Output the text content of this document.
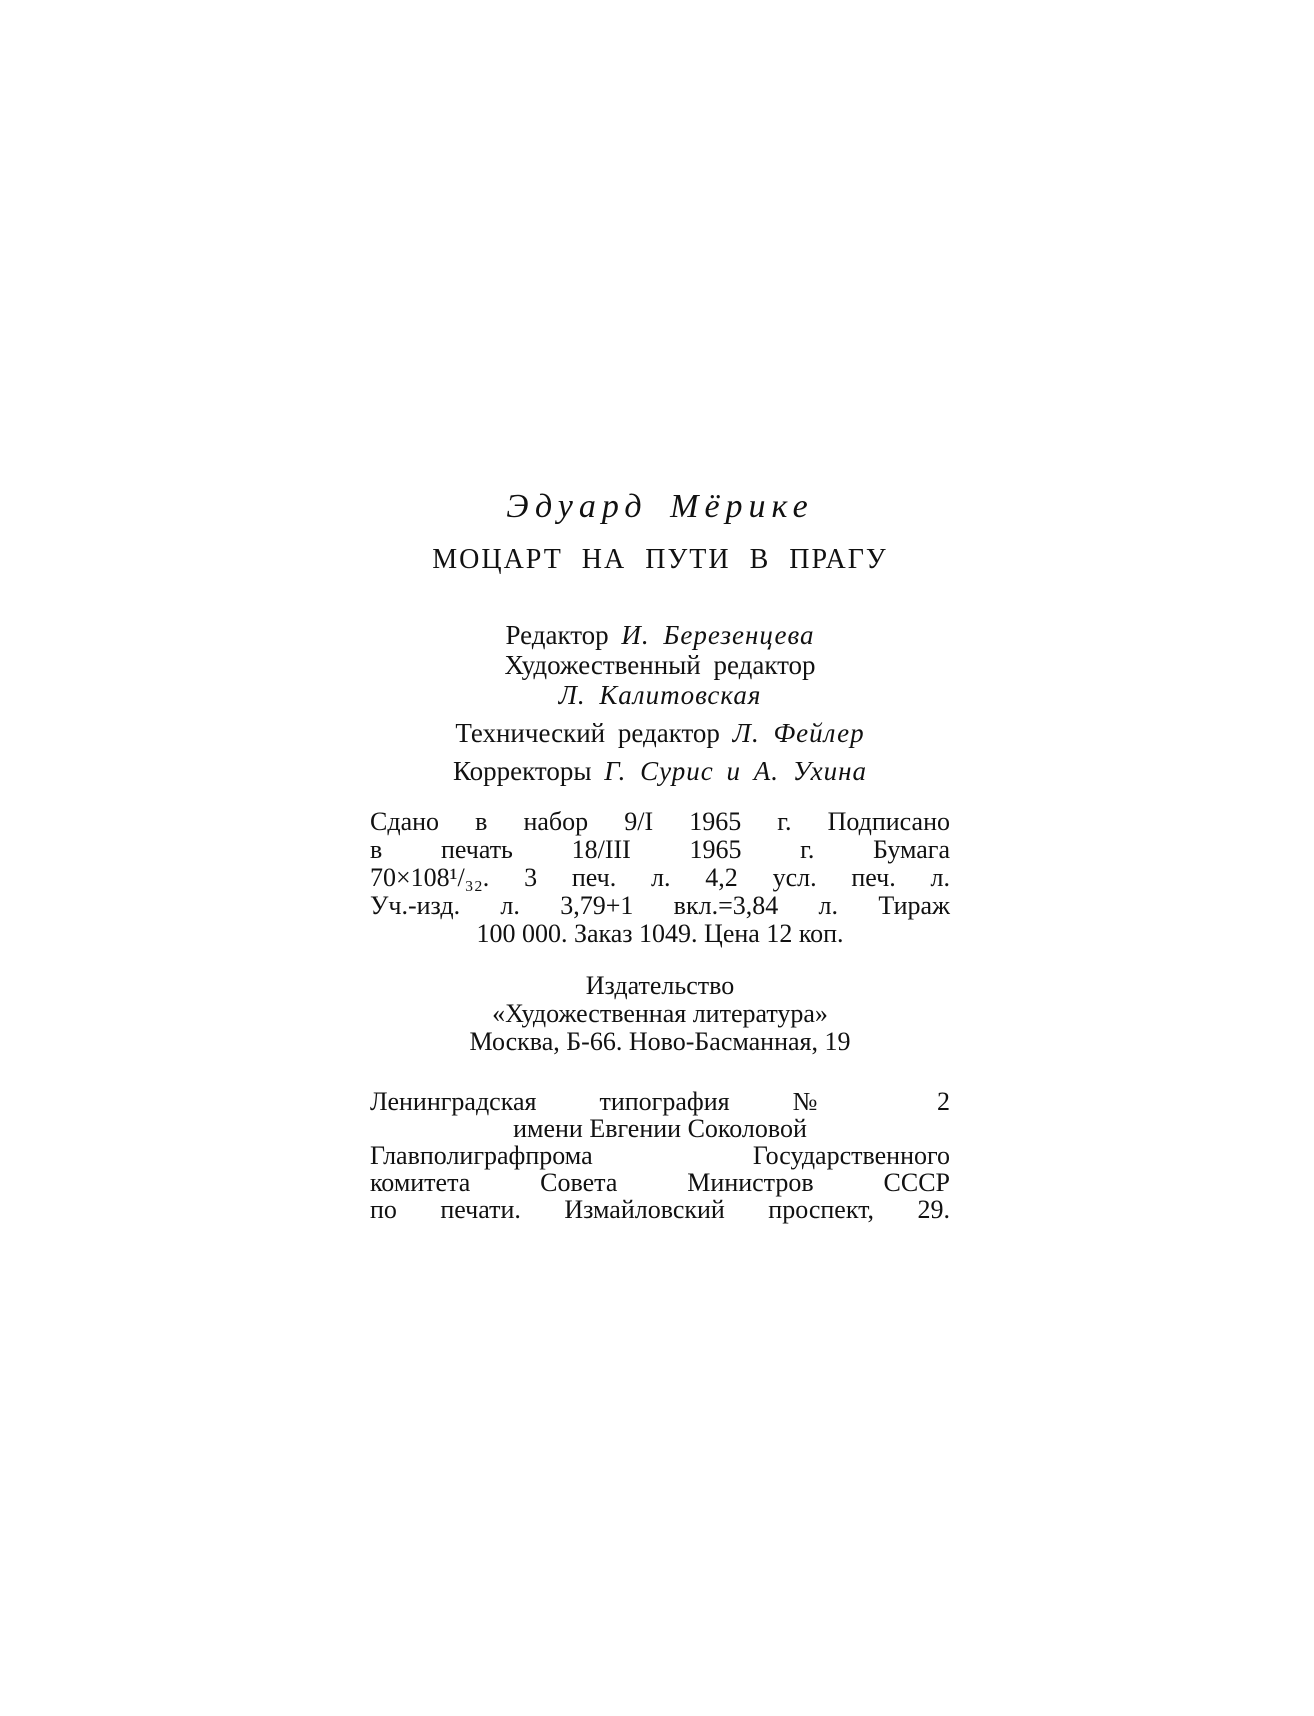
Эдуард Мёрике
МОЦАРТ НА ПУТИ В ПРАГУ
Редактор И. Березенцева
Художественный редактор
Л. Калитовская
Технический редактор Л. Фейлер
Корректоры Г. Сурис и А. Ухина
Сдано в набор 9/I 1965 г. Подписано
в печать 18/III 1965 г. Бумага
70×108¹/₃₂. 3 печ. л. 4,2 усл. печ. л.
Уч.-изд. л. 3,79+1 вкл.=3,84 л. Тираж
100 000. Заказ 1049. Цена 12 коп.
Издательство
«Художественная литература»
Москва, Б-66. Ново-Басманная, 19
Ленинградская типография № 2
имени Евгении Соколовой
Главполиграфпрома Государственного
комитета Совета Министров СССР
по печати. Измайловский проспект, 29.
